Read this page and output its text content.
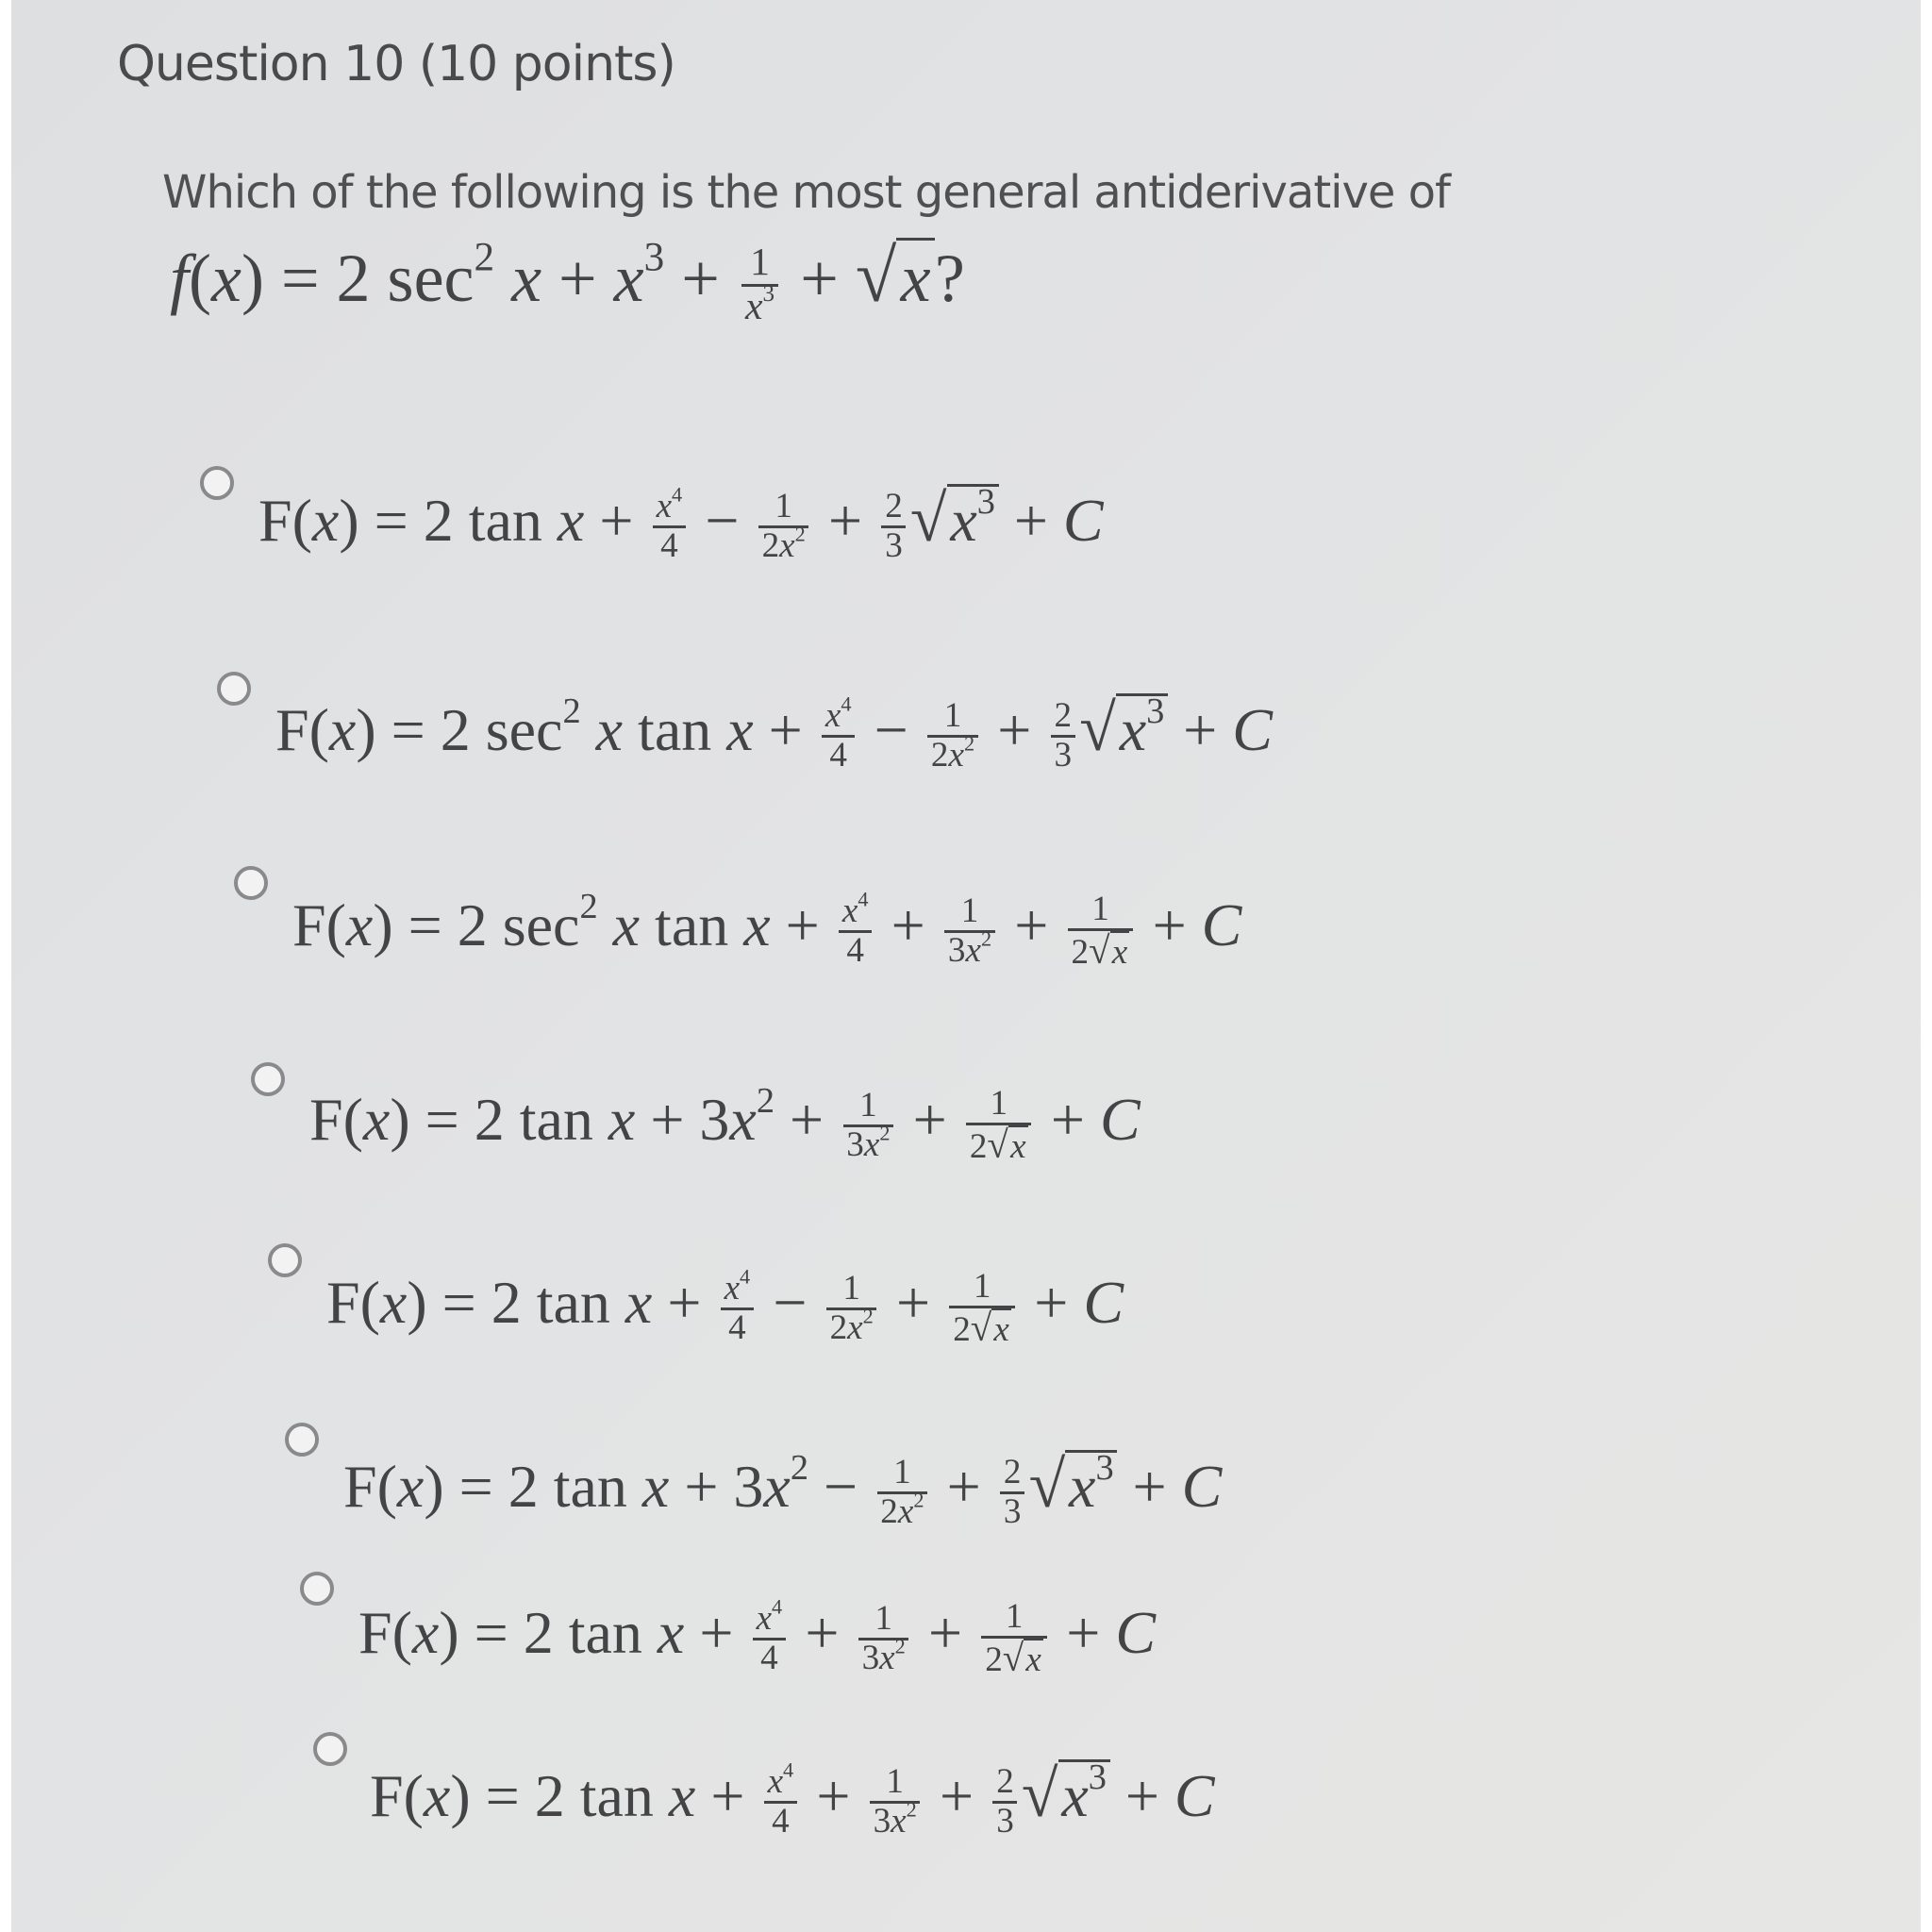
Question 10 (10 points)
Which of the following is the most general antiderivative of
f(x) = 2 $\sec^2 x + x^3 + \frac{1}{x^3} + √x$?
F(x) = 2 $\tan x + \frac{x^4}{4} - \frac{1}{2x^2} + \frac{2}{3} √x^3 + C$
F(x) = 2 $\sec^2 x$ $\tan x + \frac{x^4}{4} - \frac{1}{2x^2} + \frac{2}{3} √x^3 + C$
F(x) = 2 $\sec^2 x$ $\tan x + \frac{x^4}{4} + \frac{1}{3x^2} + \frac{1}{2√x} + C$
F(x) = 2 $\tan x + 3x^2 + \frac{1}{3x^2} + \frac{1}{2√x} + C$
F(x) = 2 $\tan x + \frac{x^4}{4} - \frac{1}{2x^2} + \frac{1}{2√x} + C$
F(x) = 2 $\tan x + 3x^2 - \frac{1}{2x^2} + \frac{2}{3} √x^3 + C$
F(x) = 2 $\tan x + \frac{x^4}{4} + \frac{1}{3x^2} + \frac{1}{2√x} + C$
F(x) = 2 $\tan x + \frac{x^4}{4} + \frac{1}{3x^2} + \frac{2}{3} √x^3 + C$
